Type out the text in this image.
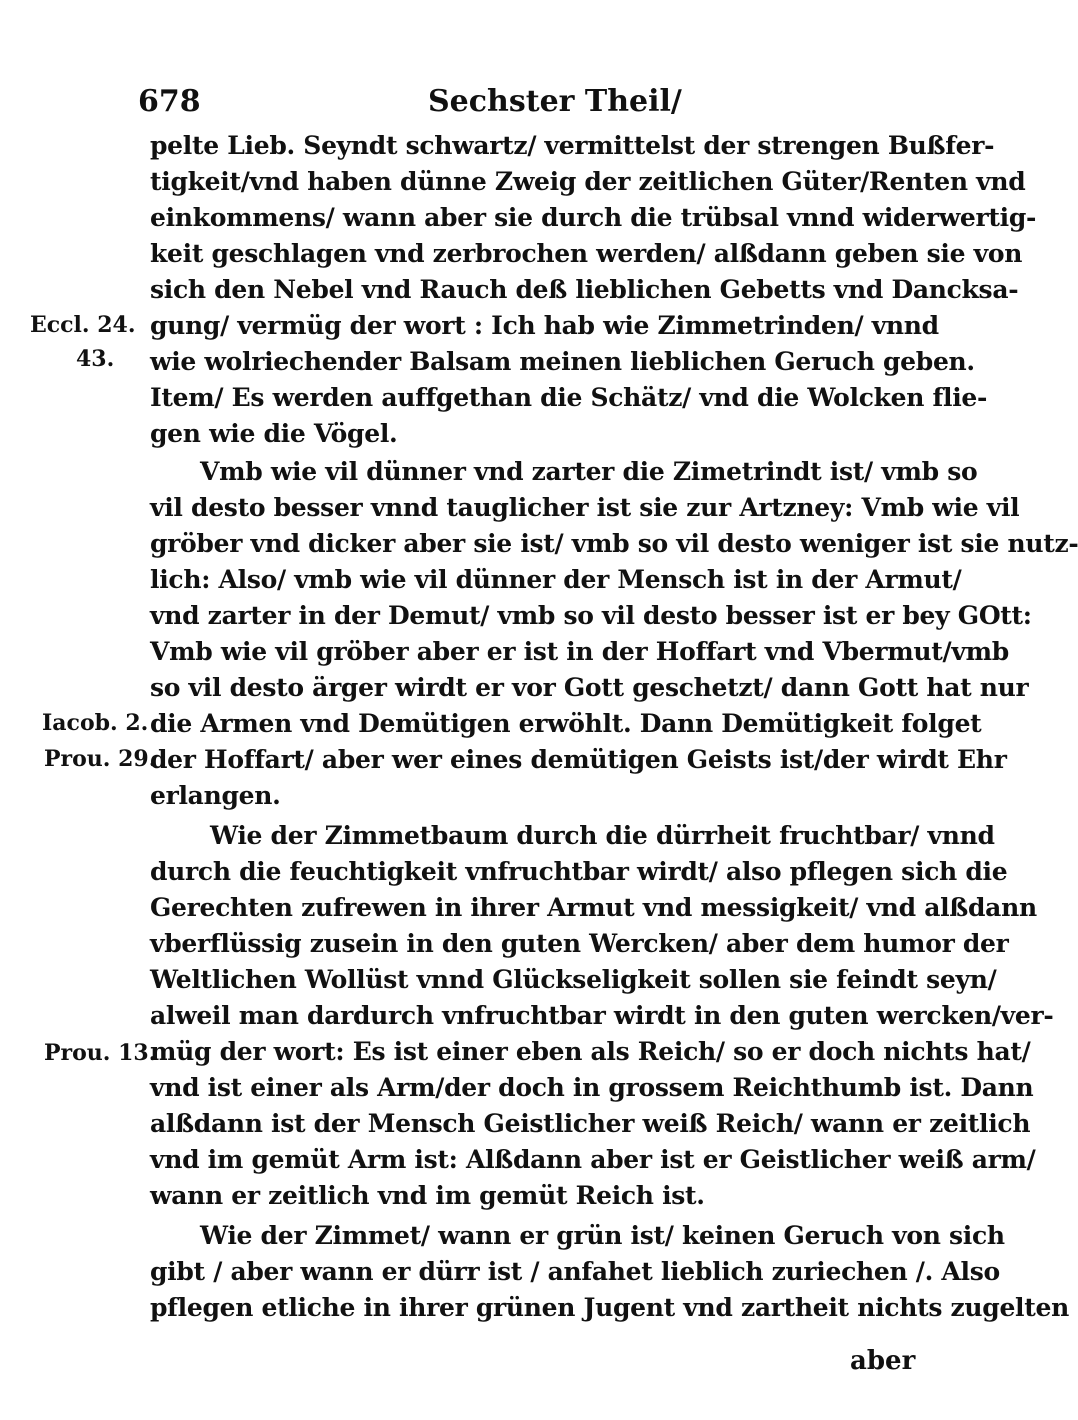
678	Sechster Theil/
pelte Lieb. Seyndt schwartz/ vermittelst der strengen Bußfer-
tigkeit/vnd haben dünne Zweig der zeitlichen Güter/Renten vnd
einkommens/ wann aber sie durch die trübsal vnnd widerwertig-
keit geschlagen vnd zerbrochen werden/ alßdann geben sie von
sich den Nebel vnd Rauch deß lieblichen Gebetts vnd Dancksa-
gung/ vermüg der wort : Ich hab wie Zimmetrinden/ vnnd
wie wolriechender Balsam meinen lieblichen Geruch geben.
Item/ Es werden auffgethan die Schätz/ vnd die Wolcken flie-
gen wie die Vögel.
Vmb wie vil dünner vnd zarter die Zimetrindt ist/ vmb so
vil desto besser vnnd tauglicher ist sie zur Artzney: Vmb wie vil
gröber vnd dicker aber sie ist/ vmb so vil desto weniger ist sie nutz-
lich: Also/ vmb wie vil dünner der Mensch ist in der Armut/
vnd zarter in der Demut/ vmb so vil desto besser ist er bey GOtt:
Vmb wie vil gröber aber er ist in der Hoffart vnd Vbermut/vmb
so vil desto ärger wirdt er vor Gott geschetzt/ dann Gott hat nur
die Armen vnd Demütigen erwöhlt. Dann Demütigkeit folget
der Hoffart/ aber wer eines demütigen Geists ist/der wirdt Ehr
erlangen.
Wie der Zimmetbaum durch die dürrheit fruchtbar/ vnnd
durch die feuchtigkeit vnfruchtbar wirdt/ also pflegen sich die
Gerechten zufrewen in ihrer Armut vnd messigkeit/ vnd alßdann
vberflüssig zusein in den guten Wercken/ aber dem humor der
Weltlichen Wollüst vnnd Glückseligkeit sollen sie feindt seyn/
alweil man dardurch vnfruchtbar wirdt in den guten wercken/ver-
müg der wort: Es ist einer eben als Reich/ so er doch nichts hat/
vnd ist einer als Arm/der doch in grossem Reichthumb ist. Dann
alßdann ist der Mensch Geistlicher weiß Reich/ wann er zeitlich
vnd im gemüt Arm ist: Alßdann aber ist er Geistlicher weiß arm/
wann er zeitlich vnd im gemüt Reich ist.
Wie der Zimmet/ wann er grün ist/ keinen Geruch von sich
gibt / aber wann er dürr ist / anfahet lieblich zuriechen /. Also
pflegen etliche in ihrer grünen Jugent vnd zartheit nichts zugelten
Eccl. 24.
43.
Iacob. 2.
Prou. 29.
Prou. 13.
aber
